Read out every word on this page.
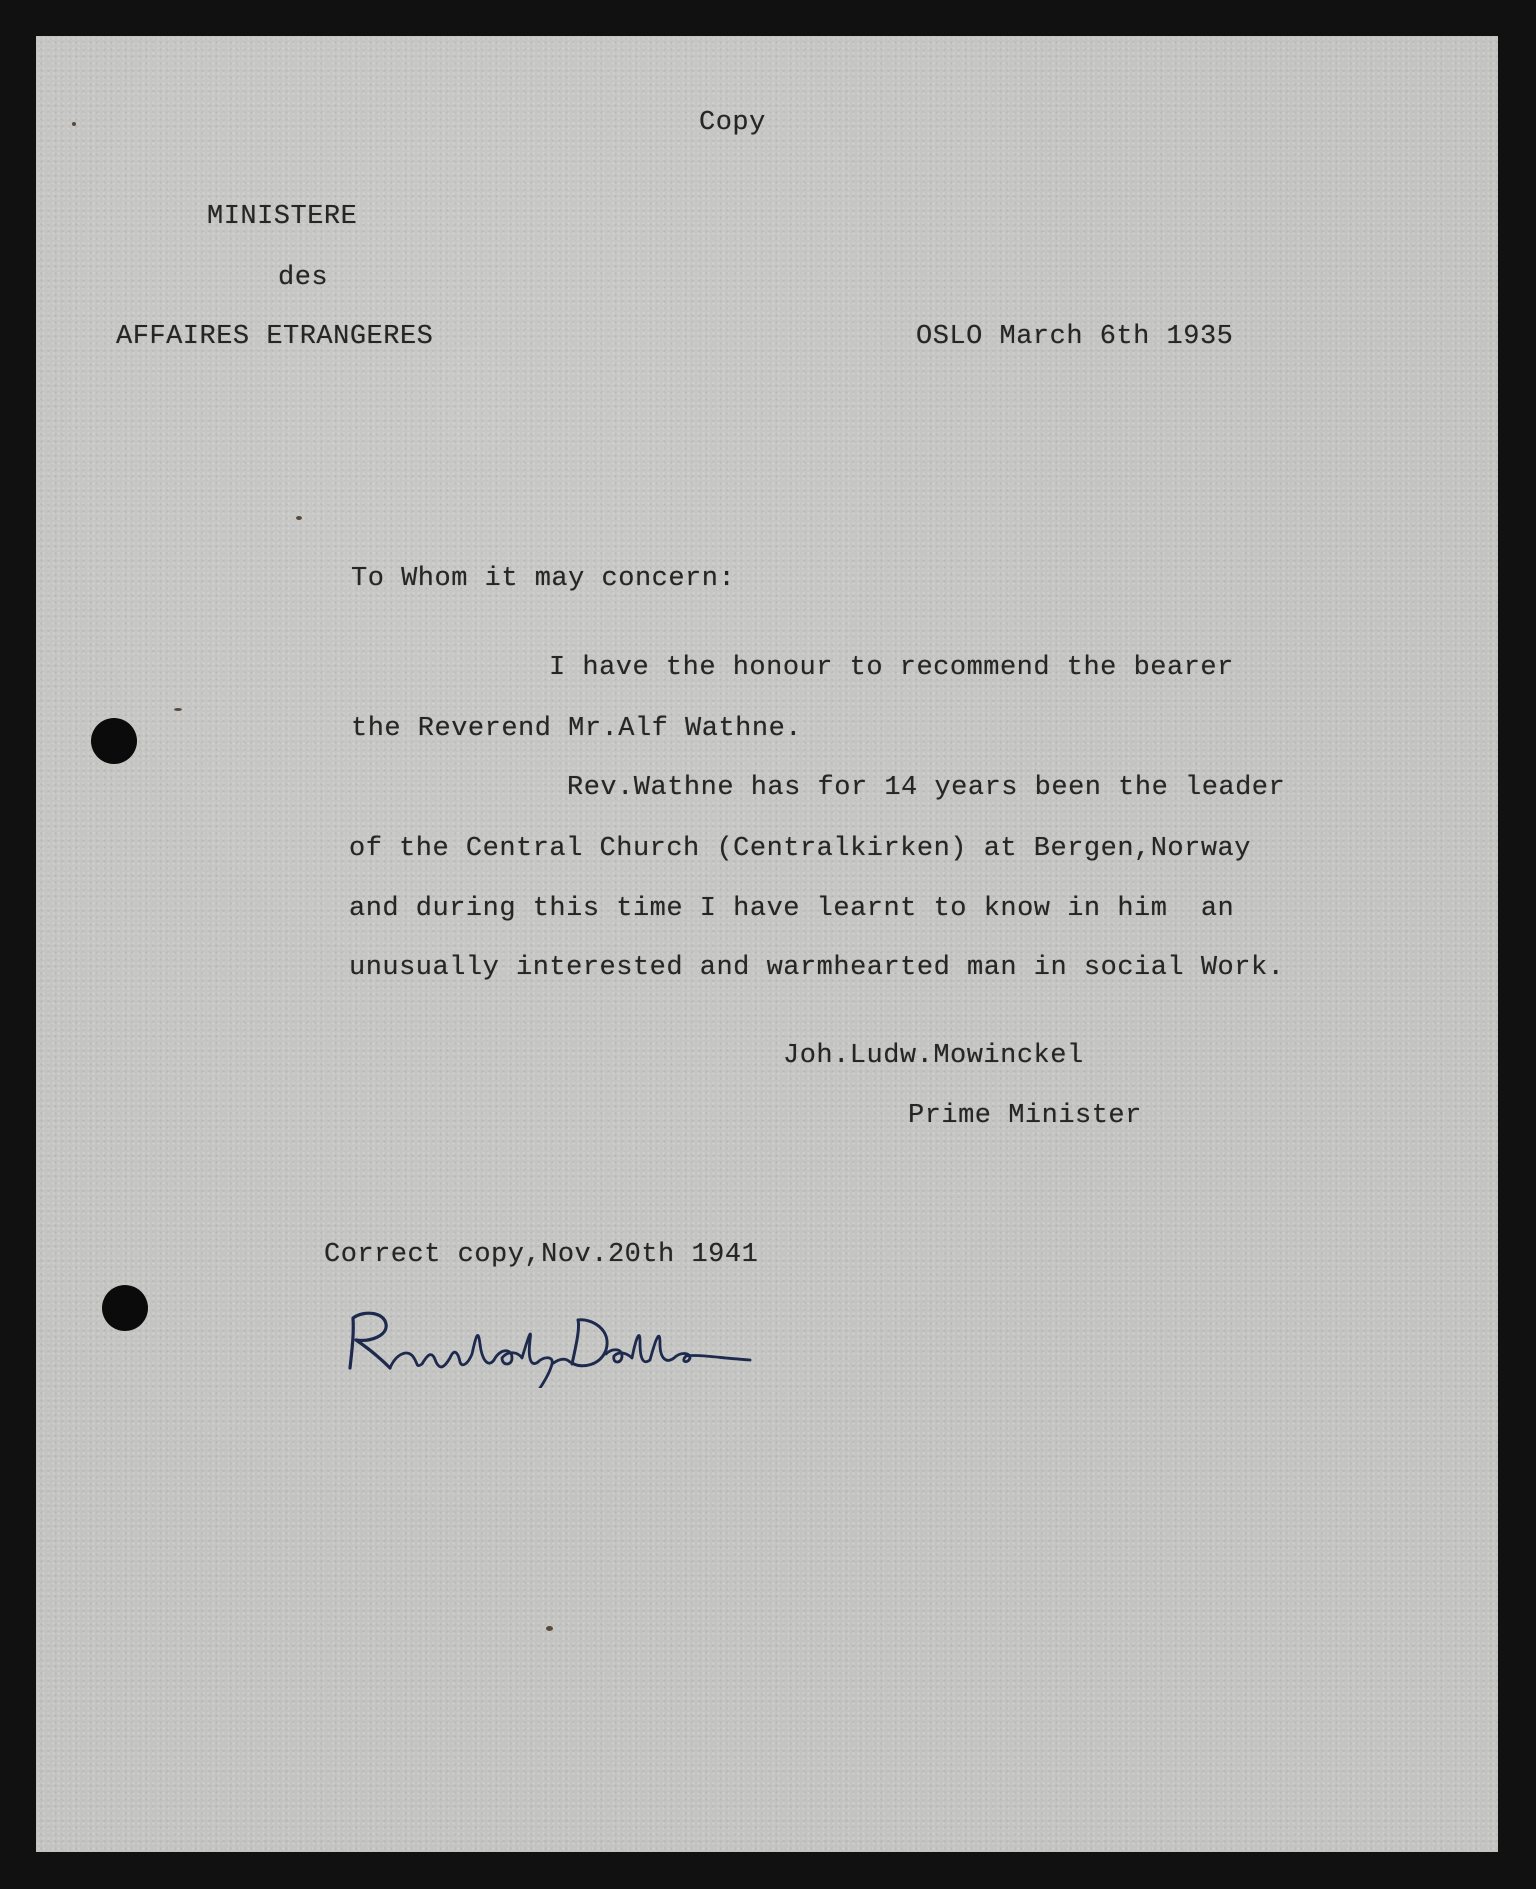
Copy
MINISTERE
des
AFFAIRES ETRANGERES	OSLO March 6th 1935
To Whom it may concern:
I have the honour to recommend the bearer
the Reverend Mr.Alf Wathne.
Rev.Wathne has for 14 years been the leader
of the Central Church (Centralkirken) at Bergen,Norway
and during this time I have learnt to know in him  an
unusually interested and warmhearted man in social Work.
Joh.Ludw.Mowinckel
Prime Minister
Correct copy,Nov.20th 1941
